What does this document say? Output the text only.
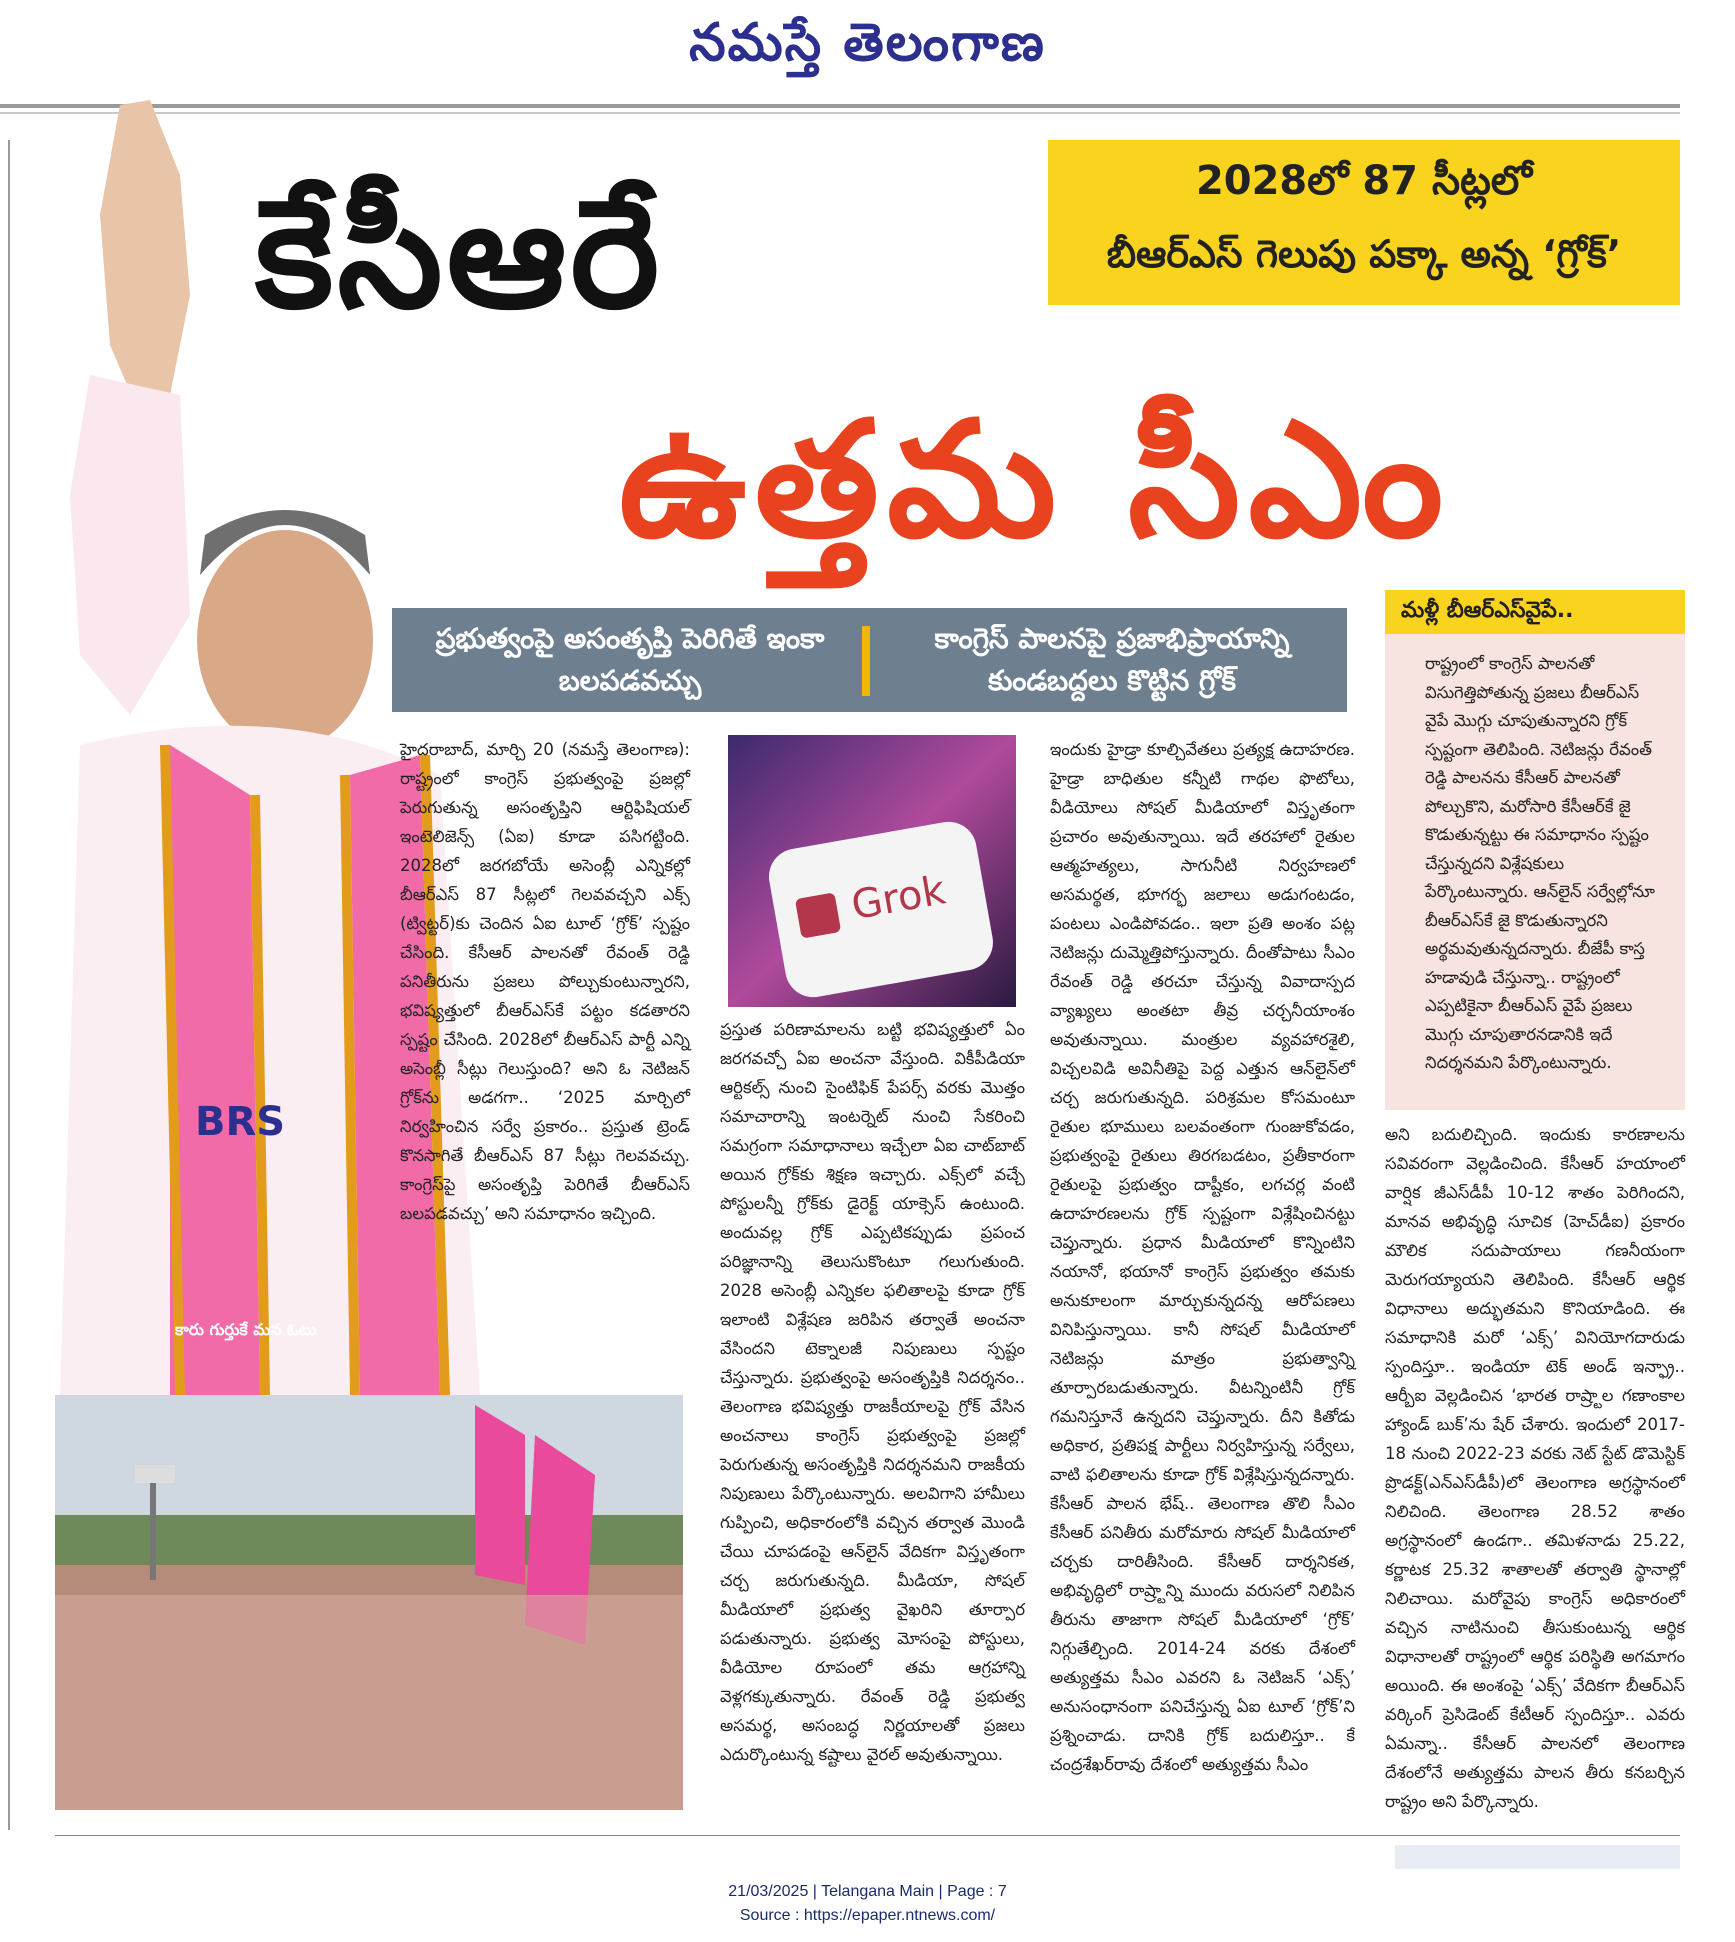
నమస్తే తెలంగాణ
BRS
కారు గుర్తుకే మన ఓటు
కేసీఆరే	2028లో 87 సీట్లలో
బీఆర్‌ఎస్ గెలుపు పక్కా అన్న ‘గ్రోక్’
ఉత్తమ సీఎం
ప్రభుత్వంపై అసంతృప్తి పెరిగితే ఇంకా బలపడవచ్చు
కాంగ్రెస్ పాలనపై ప్రజాభిప్రాయాన్ని కుండబద్దలు కొట్టిన గ్రోక్
మళ్లీ బీఆర్‌ఎస్‌వైపే..
రాష్ట్రంలో కాంగ్రెస్ పాలనతో విసుగెత్తిపోతున్న ప్రజలు బీఆర్‌ఎస్ వైపే మొగ్గు చూపుతున్నారని గ్రోక్ స్పష్టంగా తెలిపింది. నెటిజన్లు రేవంత్ రెడ్డి పాలనను కేసీఆర్ పాలనతో పోల్చుకొని, మరోసారి కేసీఆర్‌కే జై కొడుతున్నట్టు ఈ సమాధానం స్పష్టం చేస్తున్నదని విశ్లేషకులు పేర్కొంటున్నారు. ఆన్‌లైన్ సర్వేల్లోనూ బీఆర్‌ఎస్‌కే జై కొడుతున్నారని అర్థమవుతున్నదన్నారు. బీజేపీ కాస్త హడావుడి చేస్తున్నా.. రాష్ట్రంలో ఎప్పటికైనా బీఆర్‌ఎస్ వైపే ప్రజలు మొగ్గు చూపుతారనడానికి ఇదే నిదర్శనమని పేర్కొంటున్నారు.
Grok
హైదరాబాద్, మార్చి 20 (నమస్తే తెలంగాణ): రాష్ట్రంలో కాంగ్రెస్ ప్రభుత్వంపై ప్రజల్లో పెరుగుతున్న అసంతృప్తిని ఆర్టిఫిషియల్ ఇంటెలిజెన్స్ (ఏఐ) కూడా పసిగట్టింది. 2028లో జరగబోయే అసెంబ్లీ ఎన్నికల్లో బీఆర్‌ఎస్ 87 సీట్లలో గెలవవచ్చని ఎక్స్ (ట్విట్టర్)కు చెందిన ఏఐ టూల్ ‘గ్రోక్’ స్పష్టం చేసింది. కేసీఆర్ పాలనతో రేవంత్ రెడ్డి పనితీరును ప్రజలు పోల్చుకుంటున్నారని, భవిష్యత్తులో బీఆర్‌ఎస్‌కే పట్టం కడతారని స్పష్టం చేసింది. 2028లో బీఆర్‌ఎస్ పార్టీ ఎన్ని అసెంబ్లీ సీట్లు గెలుస్తుంది? అని ఓ నెటిజన్ గ్రోక్‌ను అడగగా.. ‘2025 మార్చిలో నిర్వహించిన సర్వే ప్రకారం.. ప్రస్తుత ట్రెండ్ కొనసాగితే బీఆర్‌ఎస్ 87 సీట్లు గెలవవచ్చు. కాంగ్రెస్‌పై అసంతృప్తి పెరిగితే బీఆర్‌ఎస్ బలపడవచ్చు’ అని సమాధానం ఇచ్చింది.
ప్రస్తుత పరిణామాలను బట్టి భవిష్యత్తులో ఏం జరగవచ్చో ఏఐ అంచనా వేస్తుంది. వికీపీడియా ఆర్టికల్స్ నుంచి సైంటిఫిక్ పేపర్స్ వరకు మొత్తం సమాచారాన్ని ఇంటర్నెట్ నుంచి సేకరించి సమగ్రంగా సమాధానాలు ఇచ్చేలా ఏఐ చాట్‌బాట్ అయిన గ్రోక్‌కు శిక్షణ ఇచ్చారు. ఎక్స్‌లో వచ్చే పోస్టులన్నీ గ్రోక్‌కు డైరెక్ట్ యాక్సెస్ ఉంటుంది. అందువల్ల గ్రోక్ ఎప్పటికప్పుడు ప్రపంచ పరిజ్ఞానాన్ని తెలుసుకొంటూ గలుగుతుంది. 2028 అసెంబ్లీ ఎన్నికల ఫలితాలపై కూడా గ్రోక్ ఇలాంటి విశ్లేషణ జరిపిన తర్వాతే అంచనా వేసిందని టెక్నాలజీ నిపుణులు స్పష్టం చేస్తున్నారు. ప్రభుత్వంపై అసంతృప్తికి నిదర్శనం.. తెలంగాణ భవిష్యత్తు రాజకీయాలపై గ్రోక్ వేసిన అంచనాలు కాంగ్రెస్ ప్రభుత్వంపై ప్రజల్లో పెరుగుతున్న అసంతృప్తికి నిదర్శనమని రాజకీయ నిపుణులు పేర్కొంటున్నారు. అలవిగాని హామీలు గుప్పించి, అధికారంలోకి వచ్చిన తర్వాత మొండి చేయి చూపడంపై ఆన్‌లైన్ వేదికగా విస్తృతంగా చర్చ జరుగుతున్నది. మీడియా, సోషల్ మీడియాలో ప్రభుత్వ వైఖరిని తూర్పార పడుతున్నారు. ప్రభుత్వ మోసంపై పోస్టులు, వీడియోల రూపంలో తమ ఆగ్రహాన్ని వెళ్లగక్కుతున్నారు. రేవంత్ రెడ్డి ప్రభుత్వ అసమర్థ, అసంబద్ధ నిర్ణయాలతో ప్రజలు ఎదుర్కొంటున్న కష్టాలు వైరల్ అవుతున్నాయి.
ఇందుకు హైడ్రా కూల్చివేతలు ప్రత్యక్ష ఉదాహరణ. హైడ్రా బాధితుల కన్నీటి గాథల ఫొటోలు, వీడియోలు సోషల్ మీడియాలో విస్తృతంగా ప్రచారం అవుతున్నాయి. ఇదే తరహాలో రైతుల ఆత్మహత్యలు, సాగునీటి నిర్వహణలో అసమర్థత, భూగర్భ జలాలు అడుగంటడం, పంటలు ఎండిపోవడం.. ఇలా ప్రతి అంశం పట్ల నెటిజన్లు దుమ్మెత్తిపోస్తున్నారు. దీంతోపాటు సీఎం రేవంత్ రెడ్డి తరచూ చేస్తున్న వివాదాస్పద వ్యాఖ్యలు అంతటా తీవ్ర చర్చనీయాంశం అవుతున్నాయి. మంత్రుల వ్యవహారశైలి, విచ్చలవిడి అవినీతిపై పెద్ద ఎత్తున ఆన్‌లైన్‌లో చర్చ జరుగుతున్నది. పరిశ్రమల కోసమంటూ రైతుల భూములు బలవంతంగా గుంజుకోవడం, ప్రభుత్వంపై రైతులు తిరగబడటం, ప్రతీకారంగా రైతులపై ప్రభుత్వం దాష్టీకం, లగచర్ల వంటి ఉదాహరణలను గ్రోక్ స్పష్టంగా విశ్లేషించినట్టు చెప్తున్నారు. ప్రధాన మీడియాలో కొన్నింటిని నయానో, భయానో కాంగ్రెస్ ప్రభుత్వం తమకు అనుకూలంగా మార్చుకున్నదన్న ఆరోపణలు వినిపిస్తున్నాయి. కానీ సోషల్ మీడియాలో నెటిజన్లు మాత్రం ప్రభుత్వాన్ని తూర్పారబడుతున్నారు. వీటన్నింటినీ గ్రోక్ గమనిస్తూనే ఉన్నదని చెప్తున్నారు. దీని కితోడు అధికార, ప్రతిపక్ష పార్టీలు నిర్వహిస్తున్న సర్వేలు, వాటి ఫలితాలను కూడా గ్రోక్ విశ్లేషిస్తున్నదన్నారు. కేసీఆర్ పాలన భేష్.. తెలంగాణ తొలి సీఎం కేసీఆర్ పనితీరు మరోమారు సోషల్ మీడియాలో చర్చకు దారితీసింది. కేసీఆర్ దార్శనికత, అభివృద్ధిలో రాష్ర్టాన్ని ముందు వరుసలో నిలిపిన తీరును తాజాగా సోషల్ మీడియాలో ‘గ్రోక్’ నిగ్గుతేల్చింది. 2014-24 వరకు దేశంలో అత్యుత్తమ సీఎం ఎవరని ఓ నెటిజన్ ‘ఎక్స్’ అనుసంధానంగా పనిచేస్తున్న ఏఐ టూల్ ‘గ్రోక్’ని ప్రశ్నించాడు. దానికి గ్రోక్ బదులిస్తూ.. కే చంద్రశేఖర్‌రావు దేశంలో అత్యుత్తమ సీఎం
అని బదులిచ్చింది. ఇందుకు కారణాలను సవివరంగా వెల్లడించింది. కేసీఆర్ హయాంలో వార్షిక జీఎస్‌డీపీ 10-12 శాతం పెరిగిందని, మానవ అభివృద్ధి సూచిక (హెచ్‌డీఐ) ప్రకారం మౌలిక సదుపాయాలు గణనీయంగా మెరుగయ్యాయని తెలిపింది. కేసీఆర్ ఆర్థిక విధానాలు అద్భుతమని కొనియాడింది. ఈ సమాధానికి మరో ‘ఎక్స్’ వినియోగదారుడు స్పందిస్తూ.. ఇండియా టెక్ అండ్ ఇన్ఫ్రా.. ఆర్బీఐ వెల్లడించిన ‘భారత రాష్ర్టాల గణాంకాల హ్యాండ్ బుక్’ను షేర్ చేశారు. ఇందులో 2017-18 నుంచి 2022-23 వరకు నెట్ స్టేట్ డొమెస్టిక్ ప్రొడక్ట్(ఎన్‌ఎస్‌డీపీ)లో తెలంగాణ అగ్రస్థానంలో నిలిచింది. తెలంగాణ 28.52 శాతం అగ్రస్థానంలో ఉండగా.. తమిళనాడు 25.22, కర్ణాటక 25.32 శాతాలతో తర్వాతి స్థానాల్లో నిలిచాయి. మరోవైపు కాంగ్రెస్ అధికారంలో వచ్చిన నాటినుంచి తీసుకుంటున్న ఆర్థిక విధానాలతో రాష్ట్రంలో ఆర్థిక పరిస్థితి అగమాగం అయింది. ఈ అంశంపై ‘ఎక్స్’ వేదికగా బీఆర్‌ఎస్ వర్కింగ్ ప్రెసిడెంట్ కేటీఆర్ స్పందిస్తూ.. ఎవరు ఏమన్నా.. కేసీఆర్ పాలనలో తెలంగాణ దేశంలోనే అత్యుత్తమ పాలన తీరు కనబర్చిన రాష్ట్రం అని పేర్కొన్నారు.
21/03/2025 | Telangana Main | Page : 7
Source : https://epaper.ntnews.com/
